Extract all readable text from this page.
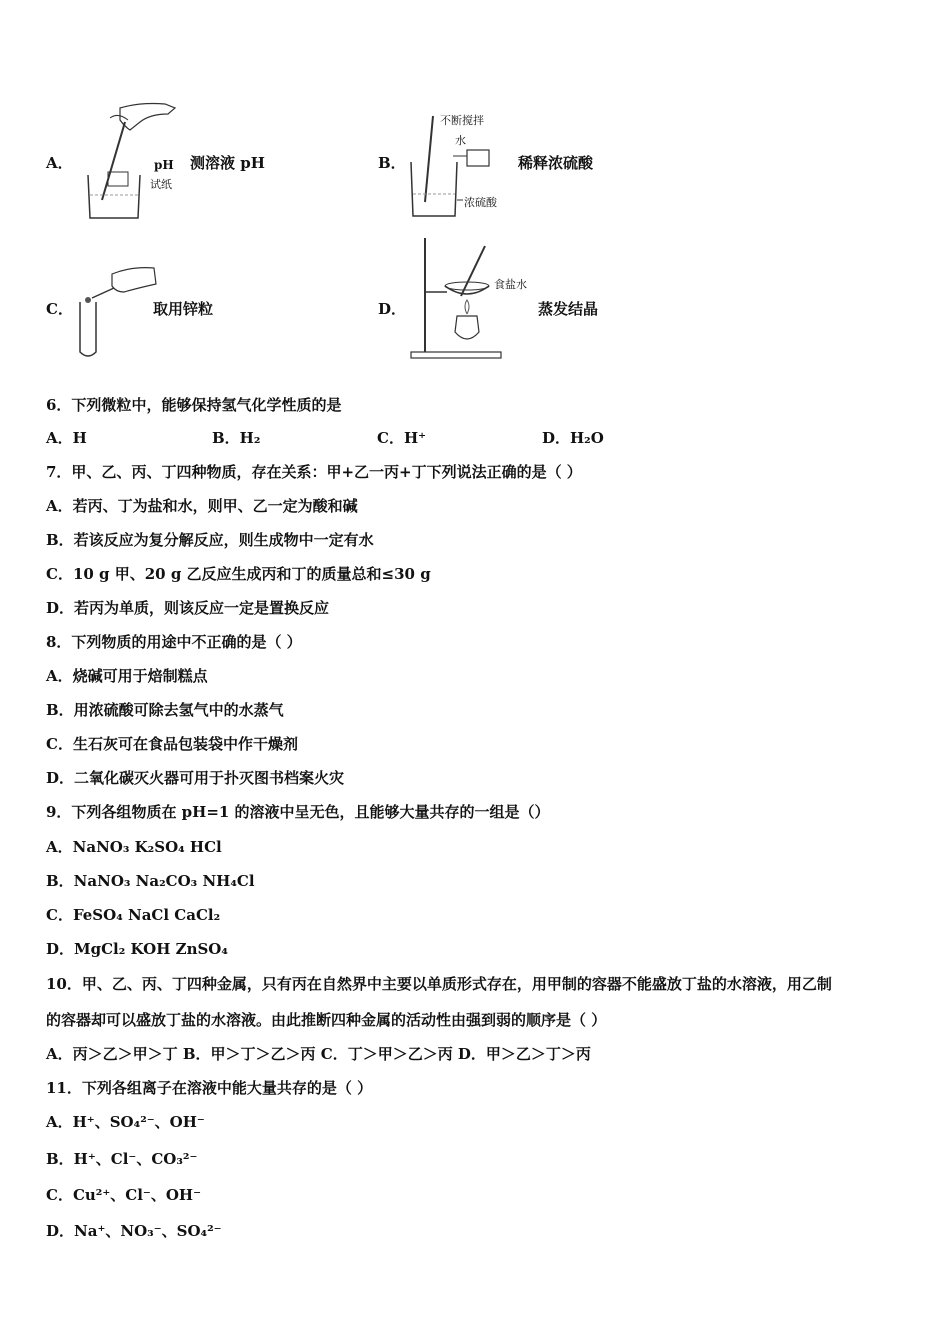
A．	pH
试纸
测溶液 pH	B．
不断搅拌
水
浓硫酸
稀释浓硫酸
C．	取用锌粒	D．
食盐水
蒸发结晶
6．下列微粒中，能够保持氢气化学性质的是
A．H	B．H₂	C．H⁺	D．H₂O
7．甲、乙、丙、丁四种物质，存在关系：甲+乙一丙+丁下列说法正确的是（ ）
A．若丙、丁为盐和水，则甲、乙一定为酸和碱
B．若该反应为复分解反应，则生成物中一定有水
C．10 g 甲、20 g 乙反应生成丙和丁的质量总和≤30 g
D．若丙为单质，则该反应一定是置换反应
8．下列物质的用途中不正确的是（ ）
A．烧碱可用于焙制糕点
B．用浓硫酸可除去氢气中的水蒸气
C．生石灰可在食品包装袋中作干燥剂
D．二氧化碳灭火器可用于扑灭图书档案火灾
9．下列各组物质在 pH=1 的溶液中呈无色，且能够大量共存的一组是（）
A．NaNO₃ K₂SO₄ HCl
B．NaNO₃ Na₂CO₃ NH₄Cl
C．FeSO₄ NaCl CaCl₂
D．MgCl₂ KOH ZnSO₄
10．甲、乙、丙、丁四种金属，只有丙在自然界中主要以单质形式存在，用甲制的容器不能盛放丁盐的水溶液，用乙制
的容器却可以盛放丁盐的水溶液。由此推断四种金属的活动性由强到弱的顺序是（ ）
A．丙＞乙＞甲＞丁 B．甲＞丁＞乙＞丙 C．丁＞甲＞乙＞丙 D．甲＞乙＞丁＞丙
11．下列各组离子在溶液中能大量共存的是（ ）
A．H⁺、SO₄²⁻、OH⁻
B．H⁺、Cl⁻、CO₃²⁻
C．Cu²⁺、Cl⁻、OH⁻
D．Na⁺、NO₃⁻、SO₄²⁻
